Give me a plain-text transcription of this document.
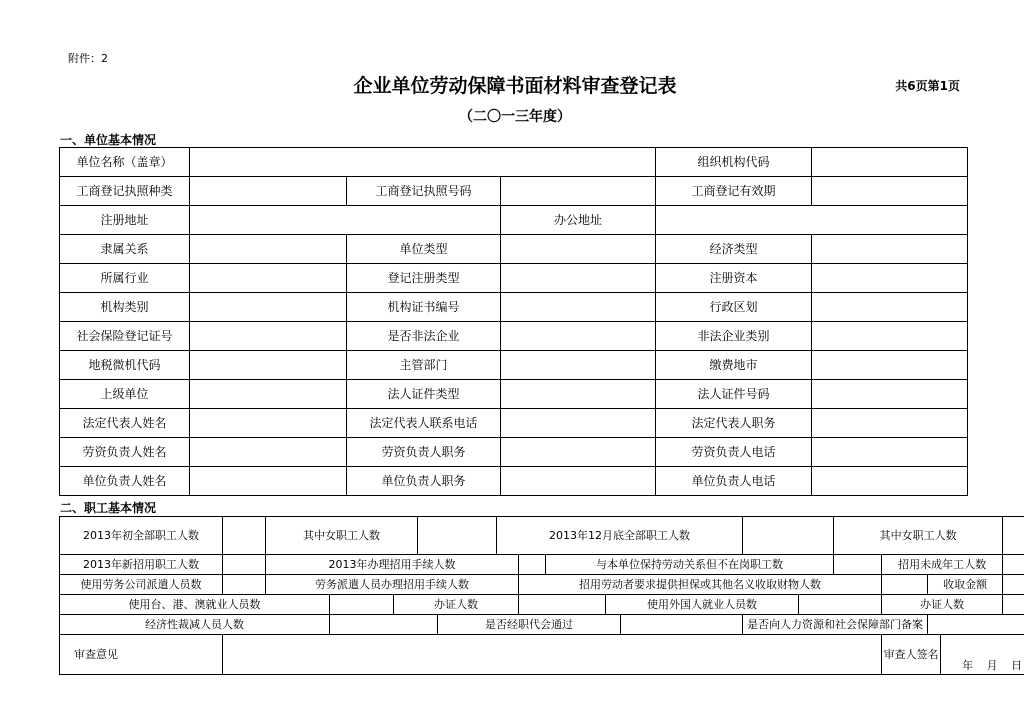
附件：2
企业单位劳动保障书面材料审查登记表	共6页第1页
（二〇一三年度）
一、单位基本情况
单位名称（盖章）				组织机构代码	
工商登记执照种类		工商登记执照号码		工商登记有效期	
注册地址			办公地址		
隶属关系		单位类型		经济类型	
所属行业		登记注册类型		注册资本	
机构类别		机构证书编号		行政区划	
社会保险登记证号		是否非法企业		非法企业类别	
地税微机代码		主管部门		缴费地市	
上级单位		法人证件类型		法人证件号码	
法定代表人姓名		法定代表人联系电话		法定代表人职务	
劳资负责人姓名		劳资负责人职务		劳资负责人电话	
单位负责人姓名		单位负责人职务		单位负责人电话	
二、职工基本情况
2013年初全部职工人数		其中女职工人数					2013年12月底全部职工人数							其中女职工人数				
2013年新招用职工人数		2013年办理招用手续人数							与本单位保持劳动关系但不在岗职工数						招用未成年工人数			
使用劳务公司派遣人员数		劳务派遣人员办理招用手续人数						招用劳动者要求提供担保或其他名义收取财物人数								收取金额		
使用台、港、澳就业人员数				办证人数						使用外国人就业人员数					办证人数			
经济性裁减人员人数						是否经职代会通过						是否向人力资源和社会保障部门备案						
审查意见															审查人签名		年 月 日	
